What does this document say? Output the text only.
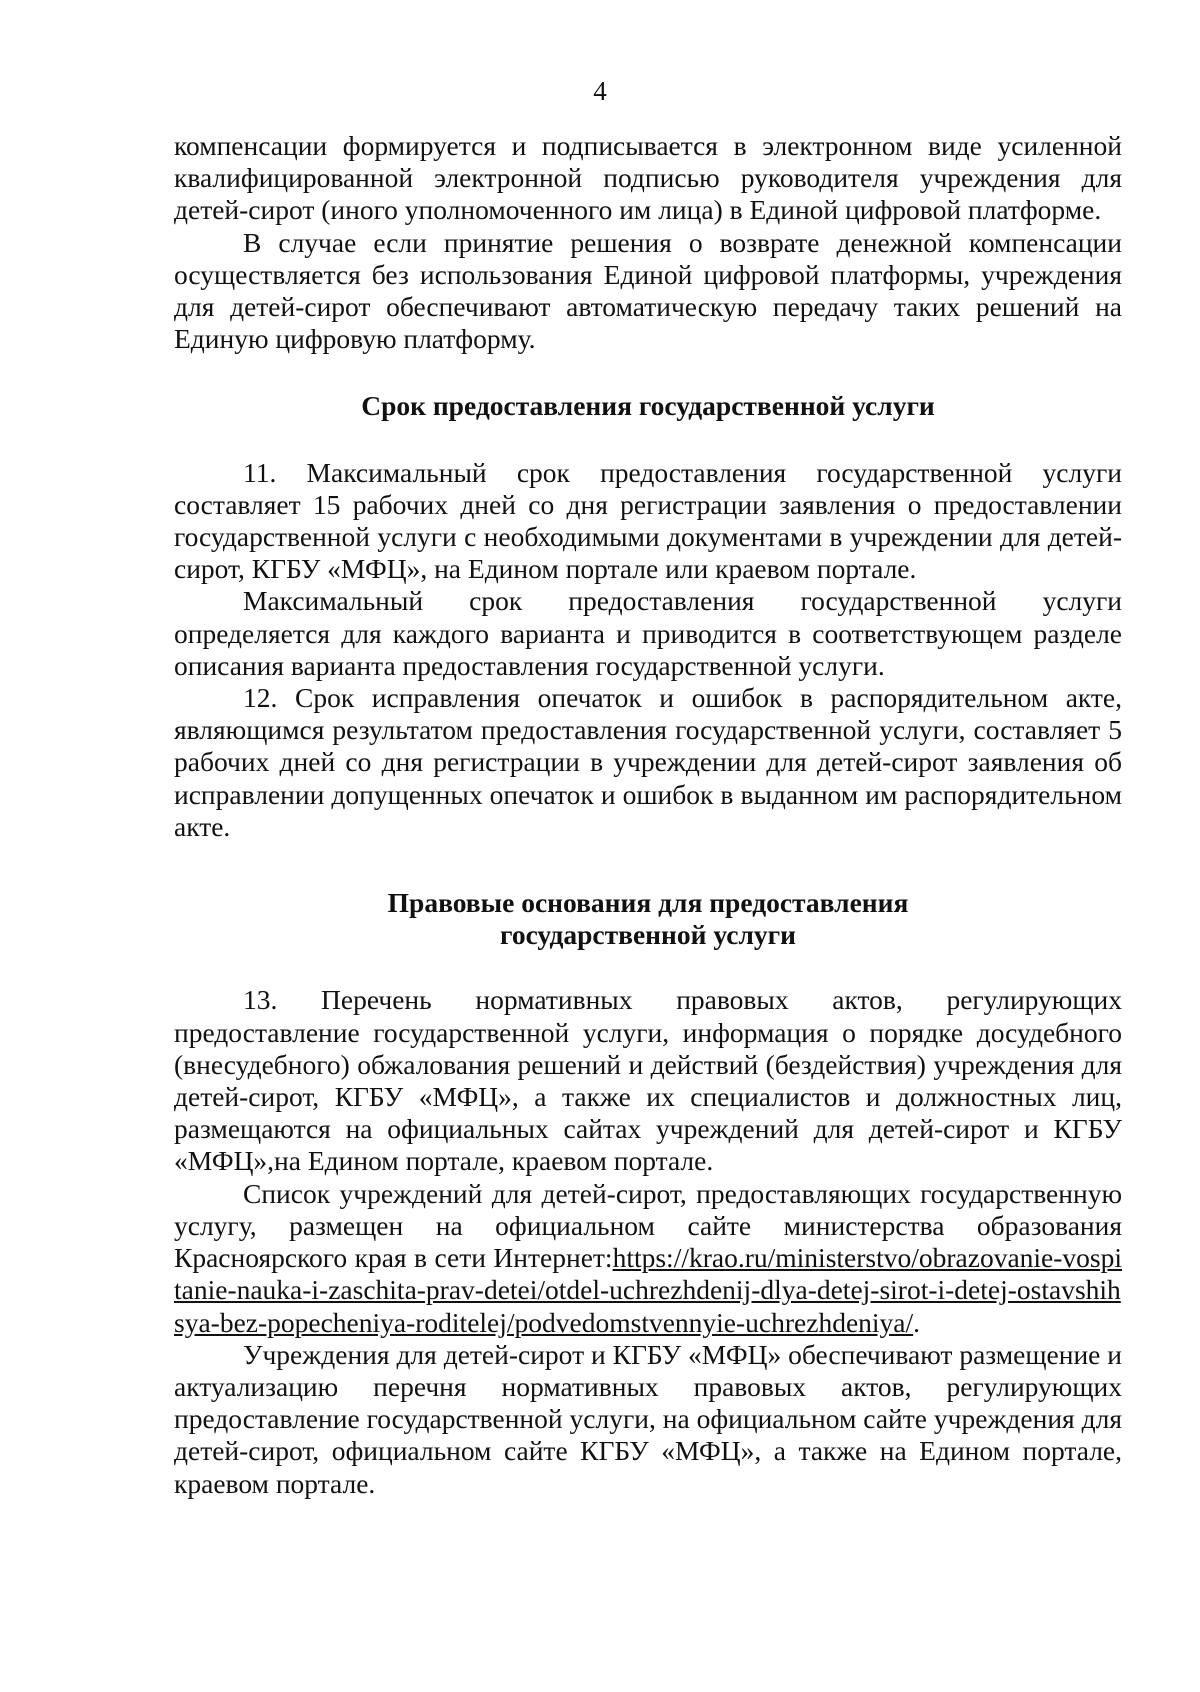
4

компенсации формируется и подписывается в электронном виде усиленной квалифицированной электронной подписью руководителя учреждения для детей-сирот (иного уполномоченного им лица) в Единой цифровой платформе.

В случае если принятие решения о возврате денежной компенсации осуществляется без использования Единой цифровой платформы, учреждения для детей-сирот обеспечивают автоматическую передачу таких решений на Единую цифровую платформу.

Срок предоставления государственной услуги

11. Максимальный срок предоставления государственной услуги составляет 15 рабочих дней со дня регистрации заявления о предоставлении государственной услуги с необходимыми документами в учреждении для детей-сирот, КГБУ «МФЦ», на Едином портале или краевом портале.

Максимальный срок предоставления государственной услуги определяется для каждого варианта и приводится в соответствующем разделе описания варианта предоставления государственной услуги.

12. Срок исправления опечаток и ошибок в распорядительном акте, являющимся результатом предоставления государственной услуги, составляет 5 рабочих дней со дня регистрации в учреждении для детей-сирот заявления об исправлении допущенных опечаток и ошибок в выданном им распорядительном акте.

Правовые основания для предоставления
государственной услуги

13. Перечень нормативных правовых актов, регулирующих предоставление государственной услуги, информация о порядке досудебного (внесудебного) обжалования решений и действий (бездействия) учреждения для детей-сирот, КГБУ «МФЦ», а также их специалистов и должностных лиц, размещаются на официальных сайтах учреждений для детей-сирот и КГБУ «МФЦ»,на Едином портале, краевом портале.

Список учреждений для детей-сирот, предоставляющих государственную услугу, размещен на официальном сайте министерства образования Красноярского края в сети Интернет:https://krao.ru/ministerstvo/obrazovanie-vospitanie-nauka-i-zaschita-prav-detei/otdel-uchrezhdenij-dlya-detej-sirot-i-detej-ostavshihsya-bez-popecheniya-roditelej/podvedomstvennyie-uchrezhdeniya/.

Учреждения для детей-сирот и КГБУ «МФЦ» обеспечивают размещение и актуализацию перечня нормативных правовых актов, регулирующих предоставление государственной услуги, на официальном сайте учреждения для детей-сирот, официальном сайте КГБУ «МФЦ», а также на Едином портале, краевом портале.
